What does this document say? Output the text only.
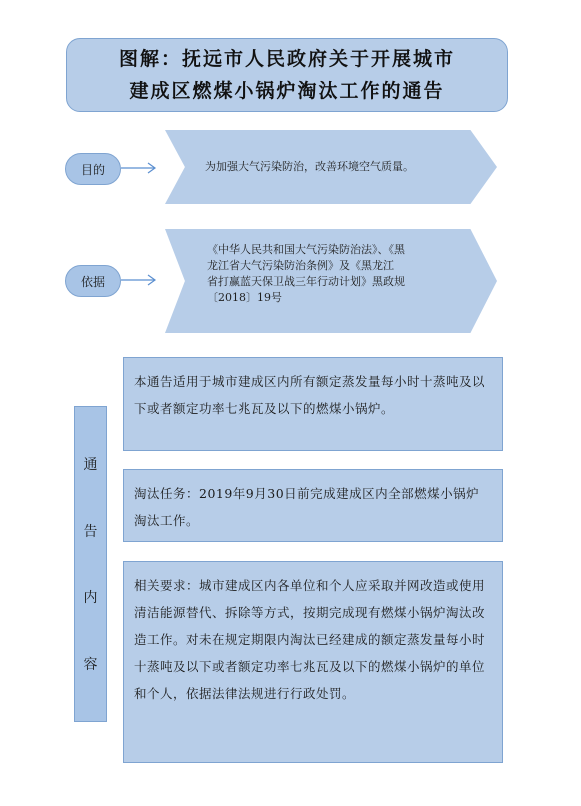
图解：抚远市人民政府关于开展城市
建成区燃煤小锅炉淘汰工作的通告
目的	为加强大气污染防治，改善环境空气质量。
依据
《中华人民共和国大气污染防治法》、《黑
龙江省大气污染防治条例》及《黑龙江
省打赢蓝天保卫战三年行动计划》黑政规
〔2018〕19号
通
告
内
容
本通告适用于城市建成区内所有额定蒸发量每小时十蒸吨及以下或者额定功率七兆瓦及以下的燃煤小锅炉。
淘汰任务：2019年9月30日前完成建成区内全部燃煤小锅炉淘汰工作。
相关要求：城市建成区内各单位和个人应采取并网改造或使用清洁能源替代、拆除等方式，按期完成现有燃煤小锅炉淘汰改造工作。对未在规定期限内淘汰已经建成的额定蒸发量每小时十蒸吨及以下或者额定功率七兆瓦及以下的燃煤小锅炉的单位和个人，依据法律法规进行行政处罚。
